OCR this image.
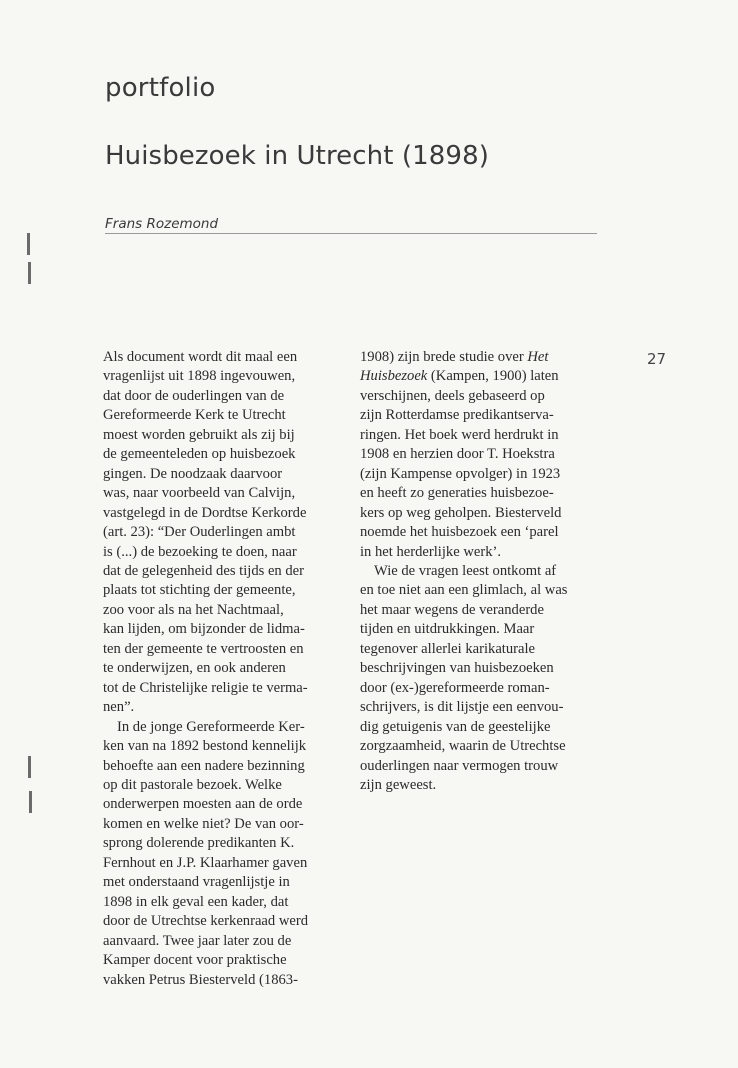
portfolio
Huisbezoek in Utrecht (1898)
Frans Rozemond
27
Als document wordt dit maal een
vragenlijst uit 1898 ingevouwen,
dat door de ouderlingen van de
Gereformeerde Kerk te Utrecht
moest worden gebruikt als zij bij
de gemeenteleden op huisbezoek
gingen. De noodzaak daarvoor
was, naar voorbeeld van Calvijn,
vastgelegd in de Dordtse Kerkorde
(art. 23): “Der Ouderlingen ambt
is (...) de bezoeking te doen, naar
dat de gelegenheid des tijds en der
plaats tot stichting der gemeente,
zoo voor als na het Nachtmaal,
kan lijden, om bijzonder de lidma-
ten der gemeente te vertroosten en
te onderwijzen, en ook anderen
tot de Christelijke religie te verma-
nen”.
In de jonge Gereformeerde Ker-
ken van na 1892 bestond kennelijk
behoefte aan een nadere bezinning
op dit pastorale bezoek. Welke
onderwerpen moesten aan de orde
komen en welke niet? De van oor-
sprong dolerende predikanten K.
Fernhout en J.P. Klaarhamer gaven
met onderstaand vragenlijstje in
1898 in elk geval een kader, dat
door de Utrechtse kerkenraad werd
aanvaard. Twee jaar later zou de
Kamper docent voor praktische
vakken Petrus Biesterveld (1863-
1908) zijn brede studie over Het
Huisbezoek (Kampen, 1900) laten
verschijnen, deels gebaseerd op
zijn Rotterdamse predikantserva-
ringen. Het boek werd herdrukt in
1908 en herzien door T. Hoekstra
(zijn Kampense opvolger) in 1923
en heeft zo generaties huisbezoe-
kers op weg geholpen. Biesterveld
noemde het huisbezoek een ‘parel
in het herderlijke werk’.
Wie de vragen leest ontkomt af
en toe niet aan een glimlach, al was
het maar wegens de veranderde
tijden en uitdrukkingen. Maar
tegenover allerlei karikaturale
beschrijvingen van huisbezoeken
door (ex-)gereformeerde roman-
schrijvers, is dit lijstje een eenvou-
dig getuigenis van de geestelijke
zorgzaamheid, waarin de Utrechtse
ouderlingen naar vermogen trouw
zijn geweest.
